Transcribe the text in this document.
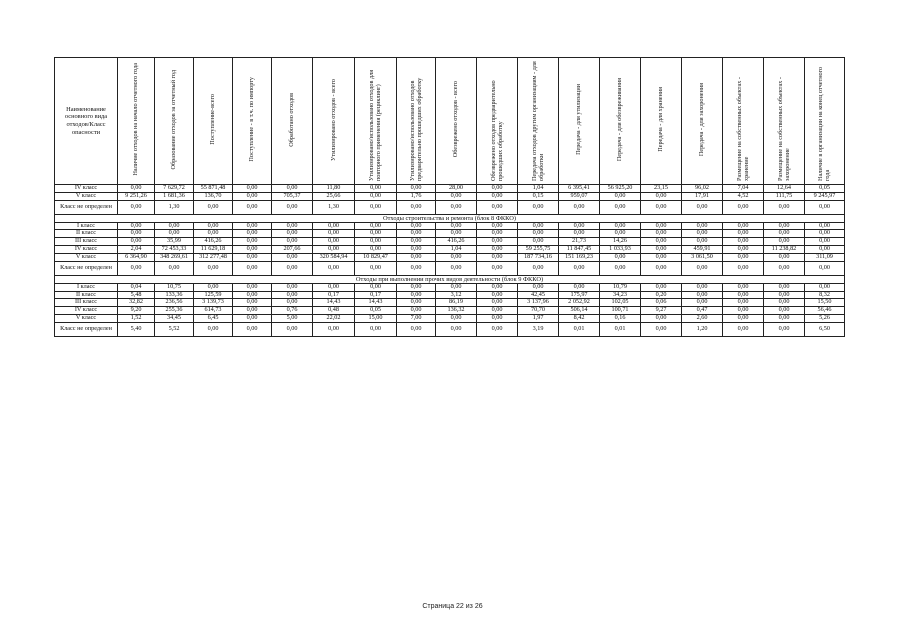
Наименование основного вида отходов/Класс опасности	Наличие отходов на начало отчетного года	Образование отходов за отчетный год	Поступление-всего	Поступление - в т.ч. по импорту	Обработано отходов	Утилизировано отходов - всего	Утилизировано/использовано отходов для повторного применения (рециклинг)	Утилизировано/использовано отходов предварительно прошедших обработку	Обезврежено отходов - всего	Обезврежено отходов предварительно прошедших обработку	Передача отходов другим организациям - для обработки	Передача - для утилизации	Передача - для обезвреживания	Передача - для хранения	Передача - для захоронения	Размещение на собственных объектах - хранение	Размещение на собственных объектах - захоронение	Наличие в организации на конец отчетного года
IV класс	0,00	7 629,72	55 871,48	0,00	0,00	11,80	0,00	0,00	28,00	0,00	1,04	6 395,41	56 925,20	23,15	96,02	7,04	12,64	0,05
V класс	9 251,26	1 681,36	136,70	0,00	705,37	25,66	0,00	1,76	0,00	0,00	0,15	959,07	0,00	0,00	17,91	4,52	111,75	9 245,97
Класс не определен	0,00	1,30	0,00	0,00	0,00	1,30	0,00	0,00	0,00	0,00	0,00	0,00	0,00	0,00	0,00	0,00	0,00	0,00
Отходы строительства и ремонта (блок 8 ФККО)																		
I класс	0,00	0,00	0,00	0,00	0,00	0,00	0,00	0,00	0,00	0,00	0,00	0,00	0,00	0,00	0,00	0,00	0,00	0,00
II класс	0,00	0,00	0,00	0,00	0,00	0,00	0,00	0,00	0,00	0,00	0,00	0,00	0,00	0,00	0,00	0,00	0,00	0,00
III класс	0,00	35,99	416,26	0,00	0,00	0,00	0,00	0,00	416,26	0,00	0,00	21,73	14,26	0,00	0,00	0,00	0,00	0,00
IV класс	2,04	72 453,33	11 629,18	0,00	207,66	0,00	0,00	0,00	1,04	0,00	59 255,75	11 847,45	1 033,93	0,00	459,91	0,00	11 238,82	0,00
V класс	6 364,90	348 269,61	312 277,48	0,00	0,00	320 584,94	10 829,47	0,00	0,00	0,00	187 734,16	151 169,23	0,00	0,00	3 061,50	0,00	0,00	311,09
Класс не определен	0,00	0,00	0,00	0,00	0,00	0,00	0,00	0,00	0,00	0,00	0,00	0,00	0,00	0,00	0,00	0,00	0,00	0,00
Отходы при выполнении прочих видов деятельности (блок 9 ФККО)																		
I класс	0,04	10,75	0,00	0,00	0,00	0,00	0,00	0,00	0,00	0,00	0,00	0,00	10,79	0,00	0,00	0,00	0,00	0,00
II класс	5,48	133,36	125,59	0,00	0,00	0,17	0,17	0,00	3,12	0,00	42,45	175,97	34,23	0,20	0,00	0,00	0,00	8,32
III класс	32,82	236,56	3 139,73	0,00	0,00	14,43	14,43	0,00	86,19	0,00	3 137,96	2 052,92	102,05	0,06	0,00	0,00	0,00	15,50
IV класс	9,20	255,36	614,73	0,00	0,76	0,48	0,05	0,00	136,32	0,00	70,70	506,14	100,71	9,27	0,47	0,00	0,00	56,46
V класс	1,52	34,45	6,45	0,00	5,00	22,02	15,00	7,00	0,00	0,00	1,97	8,42	0,16	0,00	2,60	0,00	0,00	5,26
Класс не определен	5,40	5,52	0,00	0,00	0,00	0,00	0,00	0,00	0,00	0,00	3,19	0,01	0,01	0,00	1,20	0,00	0,00	6,50
Страница 22 из 26
